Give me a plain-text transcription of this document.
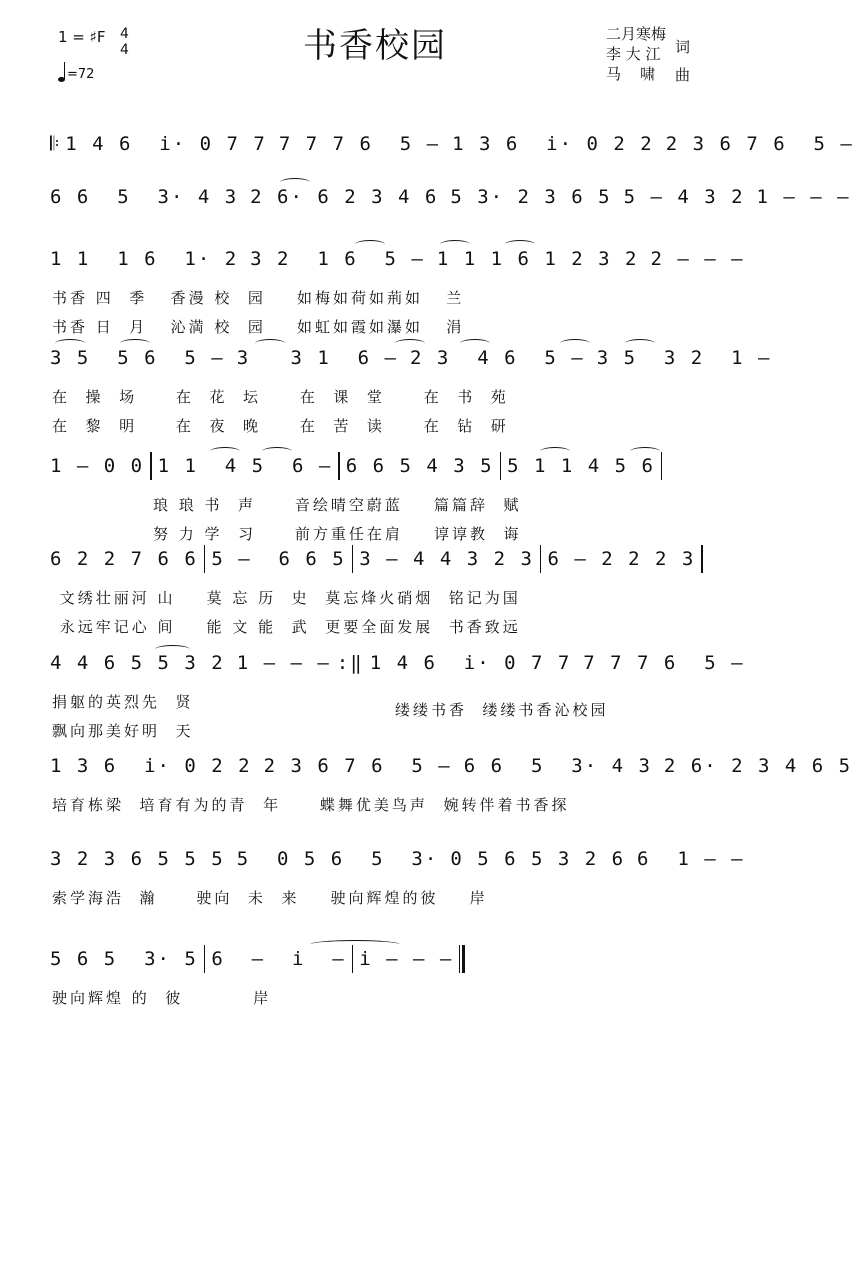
书香校园
1 = ♯F 4
4
=72
二月寒梅
李 大 江
马    啸
词
曲
𝄆 1 4 6  i· 0 7 7 7 7 7 6  5 – 1 3 6  i· 0 2 2 2 3 6 7 6  5 –
6 6  5  3· 4 3 2 6· 6 2 3 4 6 5 3· 2 3 6 5 5 – 4 3 2 1 – – –
1 1  1 6  1· 2 3 2  1 6  5 – 1 1 1 6 1 2 3 2 2 – – –
书香 四  季   香漫 校  园    如梅如荷如荊如   兰
书香 日  月   沁満 校  园    如虹如霞如瀑如   涓
3 5  5 6  5 – 3   3 1  6 – 2 3  4 6  5 – 3 5  3 2  1 –
在  操  场     在  花  坛     在  课  堂     在  书  苑
在  黎  明     在  夜  晚     在  苦  读     在  钻  研
1 – 0 0 1 1  4 5  6 – 6 6 5 4 3 5 5 1 1 4 5 6
琅 琅 书  声     音绘晴空蔚蓝    篇篇辞  赋
努 力 学  习     前方重任在肩    谆谆教  诲
6 2 2 7 6 6 5 –  6 6 5 3 – 4 4 3 2 3 6 – 2 2 2 3
文绣壮丽河 山    莫 忘 历  史  莫忘烽火硝烟  铭记为国
永远牢记心 间    能 文 能  武  更要全面发展  书香致远
4 4 6 5 5 3 2 1 – – – :‖ 1 4 6  i· 0 7 7 7 7 7 6  5 –
捐躯的英烈先  贤
飘向那美好明  天
缕缕书香  缕缕书香沁校园
1 3 6  i· 0 2 2 2 3 6 7 6  5 – 6 6  5  3· 4 3 2 6· 2 3 4 6 5
培育栋梁  培育有为的青  年     蝶舞优美鸟声  婉转伴着书香探
3 2 3 6 5 5 5 5  0 5 6  5  3· 0 5 6 5 3 2 6 6  1 – –
索学海浩  瀚     驶向  未  来    驶向辉煌的彼    岸
5 6 5  3· 5 6  –  i  – i – – –
驶向辉煌 的  彼         岸
